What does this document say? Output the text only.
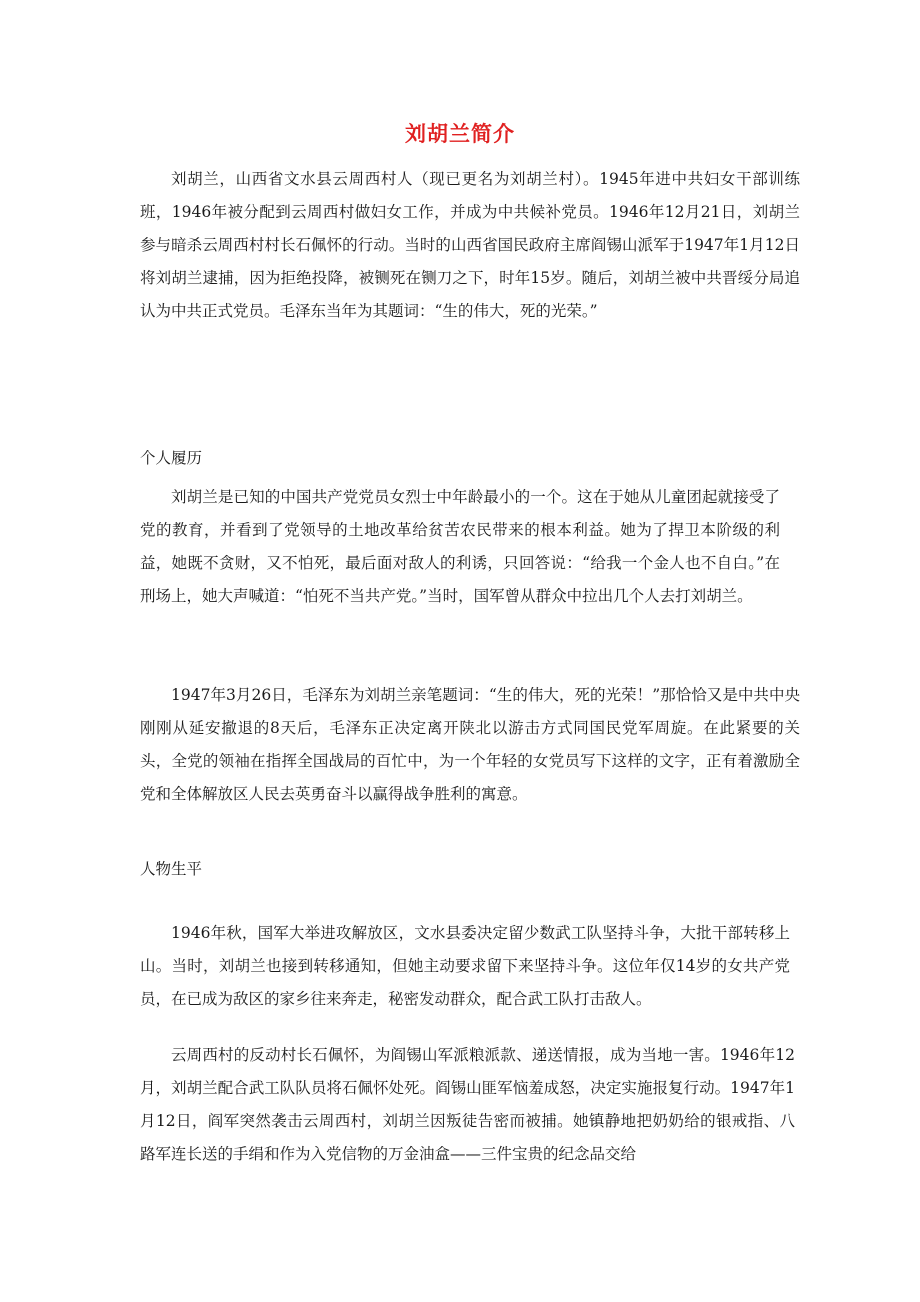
刘胡兰简介

刘胡兰，山西省文水县云周西村人（现已更名为刘胡兰村）。1945年进中共妇女干部训练班，1946年被分配到云周西村做妇女工作，并成为中共候补党员。1946年12月21日，刘胡兰参与暗杀云周西村村长石佩怀的行动。当时的山西省国民政府主席阎锡山派军于1947年1月12日将刘胡兰逮捕，因为拒绝投降，被铡死在铡刀之下，时年15岁。随后，刘胡兰被中共晋绥分局追认为中共正式党员。毛泽东当年为其题词：“生的伟大，死的光荣。”

个人履历

刘胡兰是已知的中国共产党党员女烈士中年龄最小的一个。这在于她从儿童团起就接受了党的教育，并看到了党领导的土地改革给贫苦农民带来的根本利益。她为了捍卫本阶级的利益，她既不贪财，又不怕死，最后面对敌人的利诱，只回答说：“给我一个金人也不自白。”在刑场上，她大声喊道：“怕死不当共产党。”当时，国军曾从群众中拉出几个人去打刘胡兰。

1947年3月26日，毛泽东为刘胡兰亲笔题词：“生的伟大，死的光荣！”那恰恰又是中共中央刚刚从延安撤退的8天后，毛泽东正决定离开陕北以游击方式同国民党军周旋。在此紧要的关头，全党的领袖在指挥全国战局的百忙中，为一个年轻的女党员写下这样的文字，正有着激励全党和全体解放区人民去英勇奋斗以赢得战争胜利的寓意。

人物生平

1946年秋，国军大举进攻解放区，文水县委决定留少数武工队坚持斗争，大批干部转移上山。当时，刘胡兰也接到转移通知，但她主动要求留下来坚持斗争。这位年仅14岁的女共产党员，在已成为敌区的家乡往来奔走，秘密发动群众，配合武工队打击敌人。

云周西村的反动村长石佩怀，为阎锡山军派粮派款、递送情报，成为当地一害。1946年12月，刘胡兰配合武工队队员将石佩怀处死。阎锡山匪军恼羞成怒，决定实施报复行动。1947年1月12日，阎军突然袭击云周西村，刘胡兰因叛徒告密而被捕。她镇静地把奶奶给的银戒指、八路军连长送的手绢和作为入党信物的万金油盒——三件宝贵的纪念品交给
